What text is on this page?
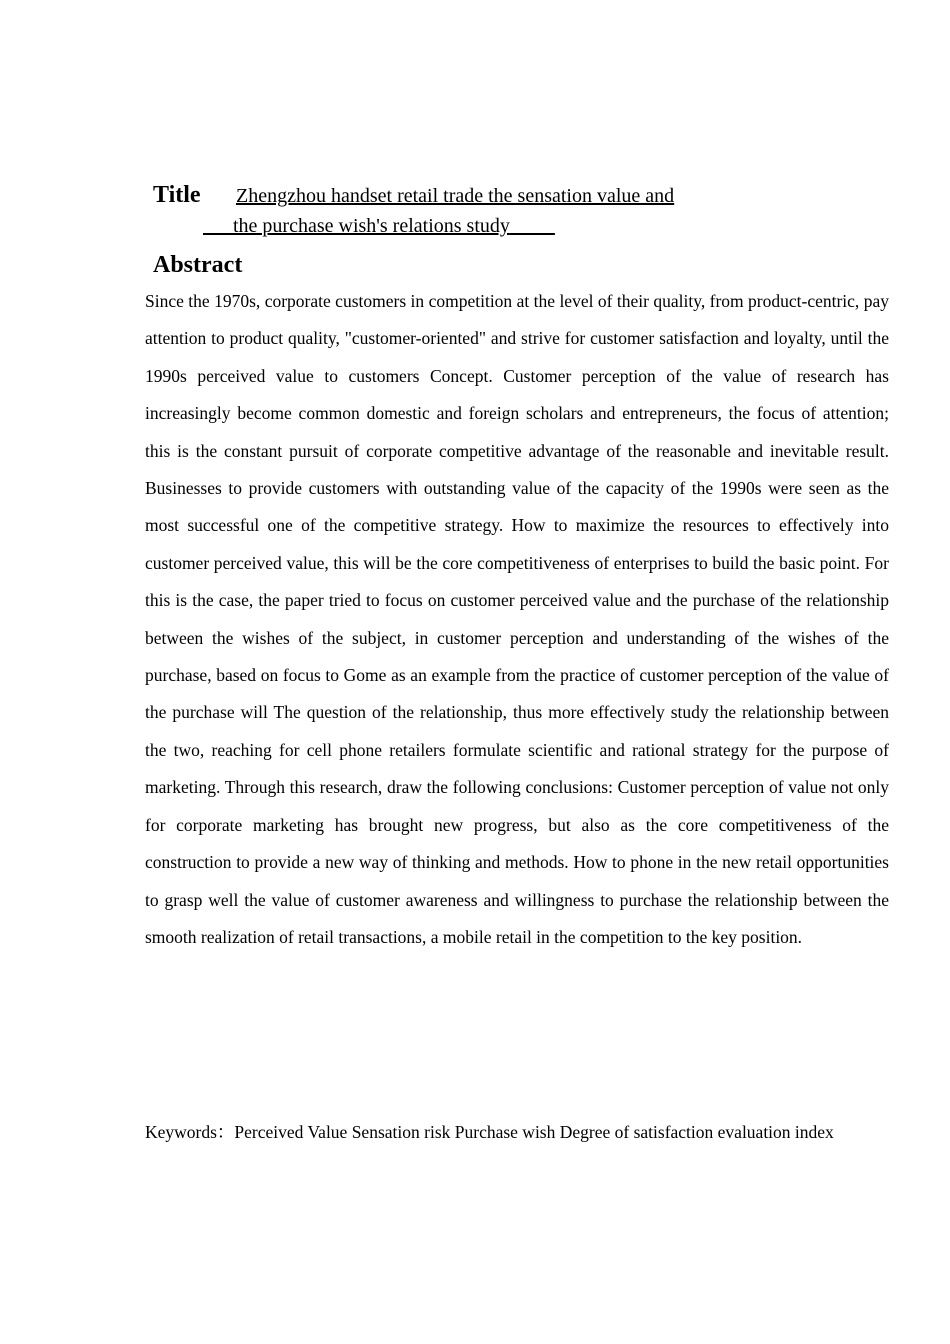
Title Zhengzhou handset retail trade the sensation value and
the purchase wish's relations study
Abstract

Since the 1970s, corporate customers in competition at the level of their quality, from product-centric, pay attention to product quality, "customer-oriented" and strive for customer satisfaction and loyalty, until the 1990s perceived value to customers Concept. Customer perception of the value of research has increasingly become common domestic and foreign scholars and entrepreneurs, the focus of attention; this is the constant pursuit of corporate competitive advantage of the reasonable and inevitable result. Businesses to provide customers with outstanding value of the capacity of the 1990s were seen as the most successful one of the competitive strategy. How to maximize the resources to effectively into customer perceived value, this will be the core competitiveness of enterprises to build the basic point. For this is the case, the paper tried to focus on customer perceived value and the purchase of the relationship between the wishes of the subject, in customer perception and understanding of the wishes of the purchase, based on focus to Gome as an example from the practice of customer perception of the value of the purchase will The question of the relationship, thus more effectively study the relationship between the two, reaching for cell phone retailers formulate scientific and rational strategy for the purpose of marketing. Through this research, draw the following conclusions: Customer perception of value not only for corporate marketing has brought new progress, but also as the core competitiveness of the construction to provide a new way of thinking and methods. How to phone in the new retail opportunities to grasp well the value of customer awareness and willingness to purchase the relationship between the smooth realization of retail transactions, a mobile retail in the competition to the key position.

Keywords：Perceived Value Sensation risk Purchase wish Degree of satisfaction evaluation index
